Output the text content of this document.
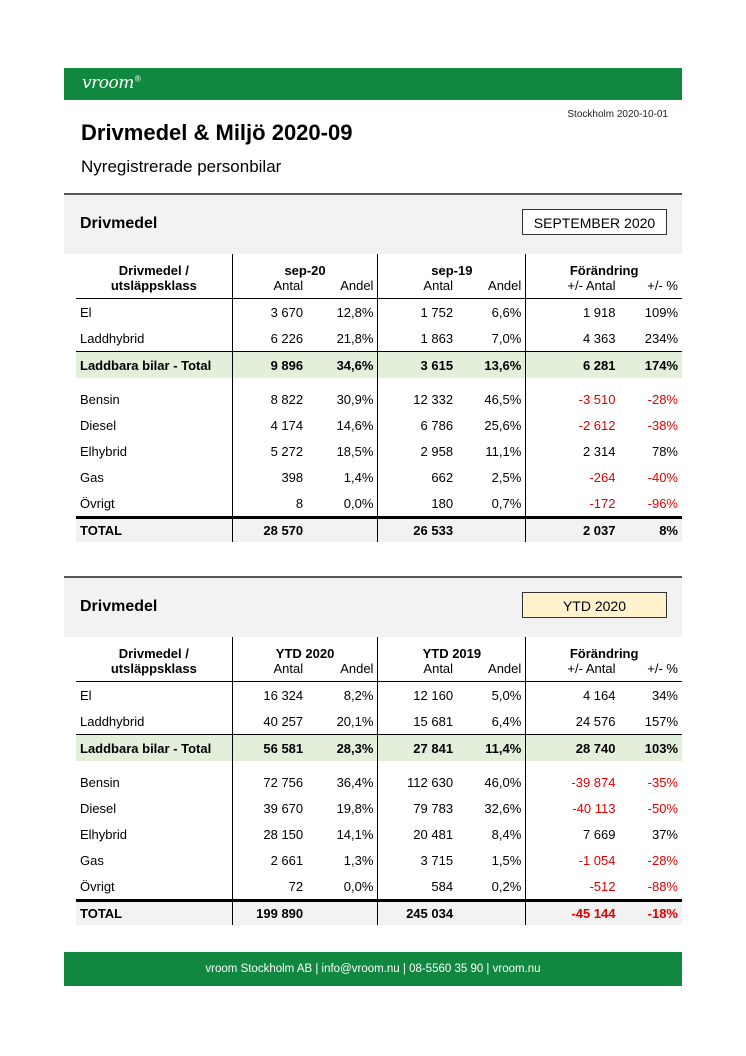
vroom®
Stockholm 2020-10-01
Drivmedel & Miljö 2020-09
Nyregistrerade personbilar
Drivmedel	SEPTEMBER 2020
Drivmedel /	sep-20		sep-19		Förändring	
utsläppsklass	Antal	Andel	Antal	Andel	+/- Antal	+/- %
El	3 670	12,8%	1 752	6,6%	1 918	109%
Laddhybrid	6 226	21,8%	1 863	7,0%	4 363	234%
Laddbara bilar - Total	9 896	34,6%	3 615	13,6%	6 281	174%

Bensin	8 822	30,9%	12 332	46,5%	-3 510	-28%
Diesel	4 174	14,6%	6 786	25,6%	-2 612	-38%
Elhybrid	5 272	18,5%	2 958	11,1%	2 314	78%
Gas	398	1,4%	662	2,5%	-264	-40%
Övrigt	8	0,0%	180	0,7%	-172	-96%
TOTAL	28 570		26 533		2 037	8%
Drivmedel	YTD 2020
Drivmedel /	YTD 2020		YTD 2019		Förändring	
utsläppsklass	Antal	Andel	Antal	Andel	+/- Antal	+/- %
El	16 324	8,2%	12 160	5,0%	4 164	34%
Laddhybrid	40 257	20,1%	15 681	6,4%	24 576	157%
Laddbara bilar - Total	56 581	28,3%	27 841	11,4%	28 740	103%

Bensin	72 756	36,4%	112 630	46,0%	-39 874	-35%
Diesel	39 670	19,8%	79 783	32,6%	-40 113	-50%
Elhybrid	28 150	14,1%	20 481	8,4%	7 669	37%
Gas	2 661	1,3%	3 715	1,5%	-1 054	-28%
Övrigt	72	0,0%	584	0,2%	-512	-88%
TOTAL	199 890		245 034		-45 144	-18%
vroom Stockholm AB | info@vroom.nu | 08-5560 35 90 | vroom.nu
